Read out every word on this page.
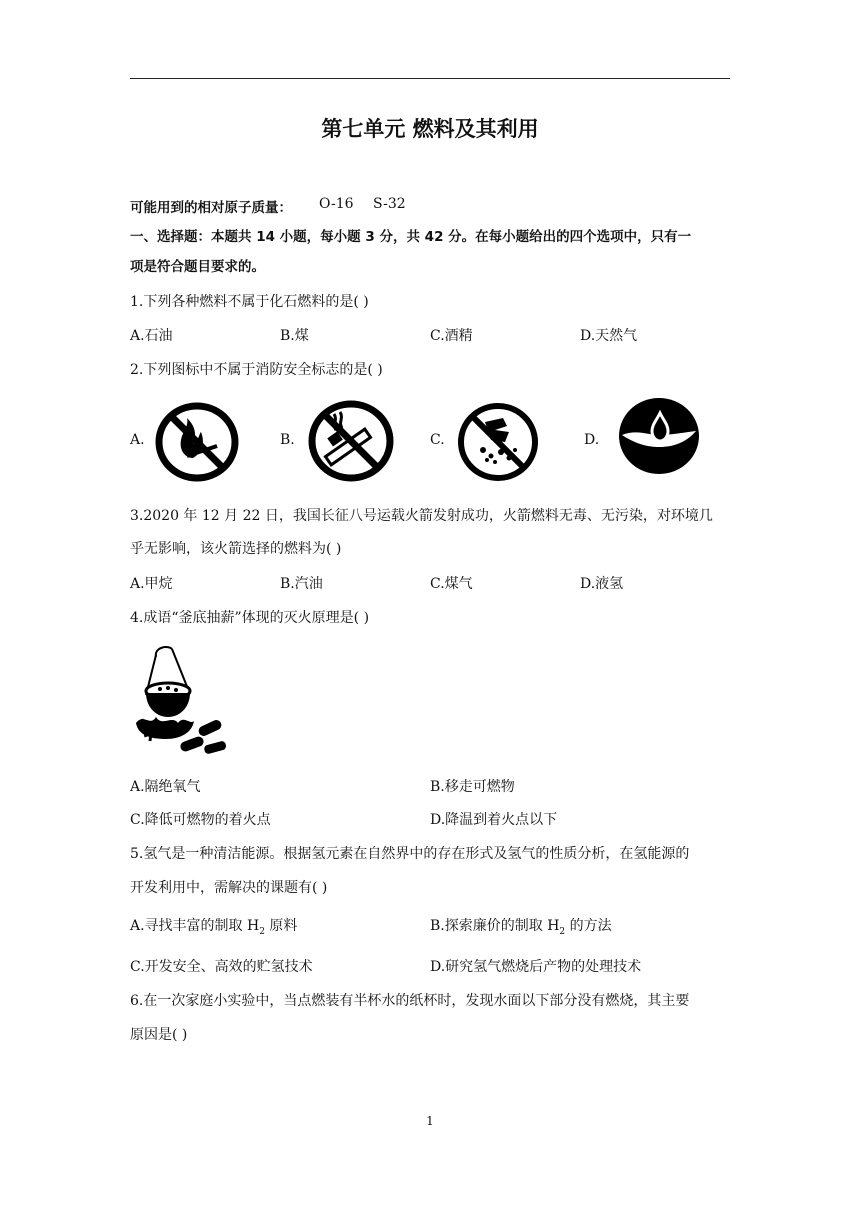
第七单元 燃料及其利用
可能用到的相对原子质量： O-16 S-32
一、选择题：本题共 14 小题，每小题 3 分，共 42 分。在每小题给出的四个选项中，只有一
项是符合题目要求的。
1.下列各种燃料不属于化石燃料的是( )
A.石油	B.煤	C.酒精	D.天然气
2.下列图标中不属于消防安全标志的是( )
A.	B.	C.	D.
3.2020 年 12 月 22 日，我国长征八号运载火箭发射成功，火箭燃料无毒、无污染，对环境几
乎无影响，该火箭选择的燃料为( )
A.甲烷	B.汽油	C.煤气	D.液氢
4.成语“釜底抽薪”体现的灭火原理是( )
A.隔绝氧气	B.移走可燃物
C.降低可燃物的着火点	D.降温到着火点以下
5.氢气是一种清洁能源。根据氢元素在自然界中的存在形式及氢气的性质分析，在氢能源的
开发利用中，需解决的课题有( )
A.寻找丰富的制取 $H_2$ 原料	B.探索廉价的制取 $H_2$ 的方法
C.开发安全、高效的贮氢技术	D.研究氢气燃烧后产物的处理技术
6.在一次家庭小实验中，当点燃装有半杯水的纸杯时，发现水面以下部分没有燃烧，其主要
原因是( )
1
